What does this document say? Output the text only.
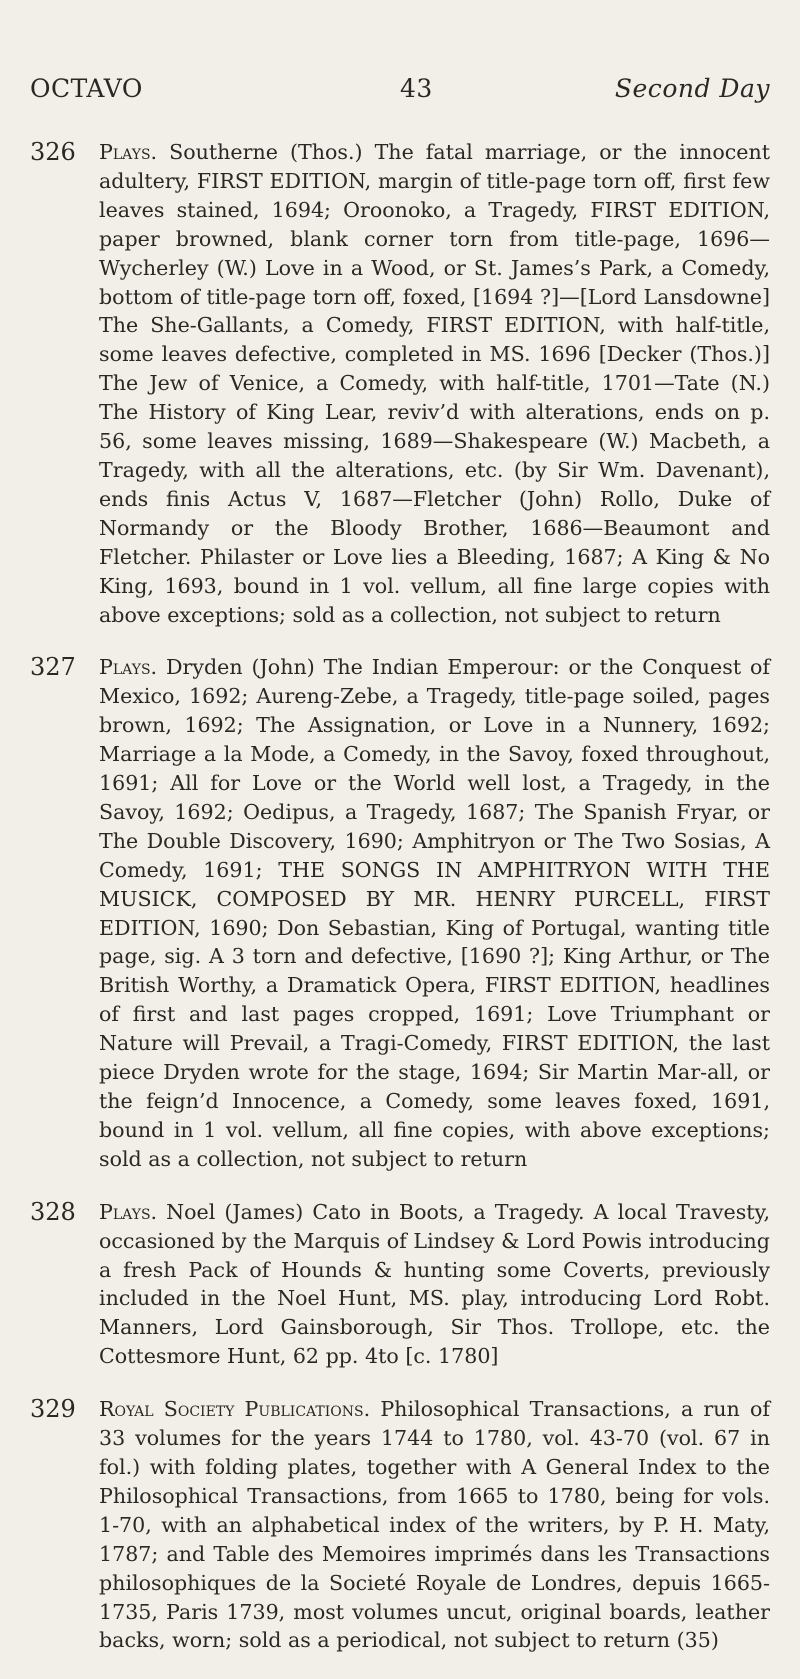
OCTAVO	43	Second Day
326 Plays. Southerne (Thos.) The fatal marriage, or the innocent adultery, FIRST EDITION, margin of title-page torn off, first few leaves stained, 1694; Oroonoko, a Tragedy, FIRST EDITION, paper browned, blank corner torn from title-page, 1696—Wycherley (W.) Love in a Wood, or St. James’s Park, a Comedy, bottom of title-page torn off, foxed, [1694 ?]—[Lord Lansdowne] The She-Gallants, a Comedy, FIRST EDITION, with half-title, some leaves defective, completed in MS. 1696 [Decker (Thos.)] The Jew of Venice, a Comedy, with half-title, 1701—Tate (N.) The History of King Lear, reviv’d with alterations, ends on p. 56, some leaves missing, 1689—Shakespeare (W.) Macbeth, a Tragedy, with all the alterations, etc. (by Sir Wm. Davenant), ends finis Actus V, 1687—Fletcher (John) Rollo, Duke of Normandy or the Bloody Brother, 1686—Beaumont and Fletcher. Philaster or Love lies a Bleeding, 1687; A King & No King, 1693, bound in 1 vol. vellum, all fine large copies with above exceptions; sold as a collection, not subject to return
327 Plays. Dryden (John) The Indian Emperour: or the Conquest of Mexico, 1692; Aureng-Zebe, a Tragedy, title-page soiled, pages brown, 1692; The Assignation, or Love in a Nunnery, 1692; Marriage a la Mode, a Comedy, in the Savoy, foxed throughout, 1691; All for Love or the World well lost, a Tragedy, in the Savoy, 1692; Oedipus, a Tragedy, 1687; The Spanish Fryar, or The Double Discovery, 1690; Amphitryon or The Two Sosias, A Comedy, 1691; THE SONGS IN AMPHITRYON WITH THE MUSICK, COMPOSED BY MR. HENRY PURCELL, FIRST EDITION, 1690; Don Sebastian, King of Portugal, wanting title page, sig. A 3 torn and defective, [1690 ?]; King Arthur, or The British Worthy, a Dramatick Opera, FIRST EDITION, headlines of first and last pages cropped, 1691; Love Triumphant or Nature will Prevail, a Tragi-Comedy, FIRST EDITION, the last piece Dryden wrote for the stage, 1694; Sir Martin Mar-all, or the feign’d Innocence, a Comedy, some leaves foxed, 1691, bound in 1 vol. vellum, all fine copies, with above exceptions; sold as a collection, not subject to return
328 Plays. Noel (James) Cato in Boots, a Tragedy. A local Travesty, occasioned by the Marquis of Lindsey & Lord Powis introducing a fresh Pack of Hounds & hunting some Coverts, previously included in the Noel Hunt, MS. play, introducing Lord Robt. Manners, Lord Gainsborough, Sir Thos. Trollope, etc. the Cottesmore Hunt, 62 pp. 4to [c. 1780]
329 Royal Society Publications. Philosophical Transactions, a run of 33 volumes for the years 1744 to 1780, vol. 43-70 (vol. 67 in fol.) with folding plates, together with A General Index to the Philosophical Transactions, from 1665 to 1780, being for vols. 1-70, with an alphabetical index of the writers, by P. H. Maty, 1787; and Table des Memoires imprimés dans les Transactions philosophiques de la Societé Royale de Londres, depuis 1665-1735, Paris 1739, most volumes uncut, original boards, leather backs, worn; sold as a periodical, not subject to return (35)
